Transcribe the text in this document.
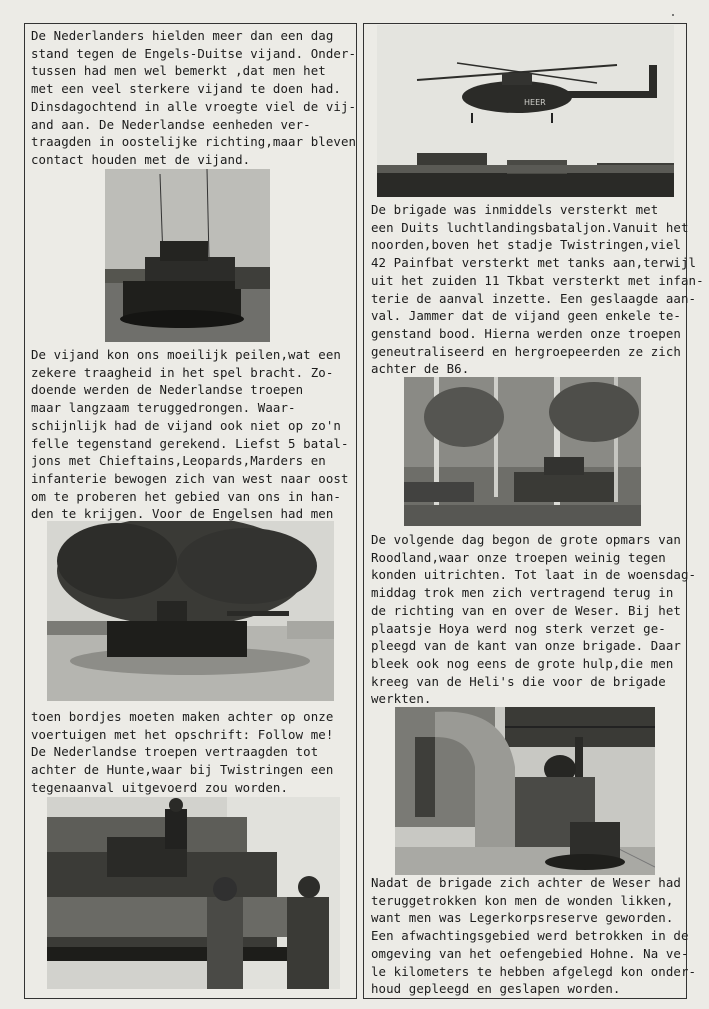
De Nederlanders hielden meer dan een dag
stand tegen de Engels-Duitse vijand. Onder-
tussen had men wel bemerkt ,dat men het
met een veel sterkere vijand te doen had.
Dinsdagochtend in alle vroegte viel de vij-
and aan. De Nederlandse eenheden ver-
traagden in oostelijke richting,maar bleven
contact houden met de vijand.

De vijand kon ons moeilijk peilen,wat een
zekere traagheid in het spel bracht. Zo-
doende werden de Nederlandse troepen
maar langzaam teruggedrongen. Waar-
schijnlijk had de vijand ook niet op zo'n
felle tegenstand gerekend. Liefst 5 batal-
jons met Chieftains,Leopards,Marders en
infanterie bewogen zich van west naar oost
om te proberen het gebied van ons in han-
den te krijgen. Voor de Engelsen had men

toen bordjes moeten maken achter op onze
voertuigen met het opschrift: Follow me!
De Nederlandse troepen vertraagden tot
achter de Hunte,waar bij Twistringen een
tegenaanval uitgevoerd zou worden.

HEER

De brigade was inmiddels versterkt met
een Duits luchtlandingsbataljon.Vanuit het
noorden,boven het stadje Twistringen,viel
42 Painfbat versterkt met tanks aan,terwijl
uit het zuiden 11 Tkbat versterkt met infan-
terie de aanval inzette. Een geslaagde aan-
val. Jammer dat de vijand geen enkele te-
genstand bood. Hierna werden onze troepen
geneutraliseerd en hergroepeerden ze zich
achter de B6.

De volgende dag begon de grote opmars van
Roodland,waar onze troepen weinig tegen
konden uitrichten. Tot laat in de woensdag-
middag trok men zich vertragend terug in
de richting van en over de Weser. Bij het
plaatsje Hoya werd nog sterk verzet ge-
pleegd van de kant van onze brigade. Daar
bleek ook nog eens de grote hulp,die men
kreeg van de Heli's die voor de brigade
werkten.

Nadat de brigade zich achter de Weser had
teruggetrokken kon men de wonden likken,
want men was Legerkorpsreserve geworden.
Een afwachtingsgebied werd betrokken in de
omgeving van het oefengebied Hohne. Na ve-
le kilometers te hebben afgelegd kon onder-
houd gepleegd en geslapen worden.
